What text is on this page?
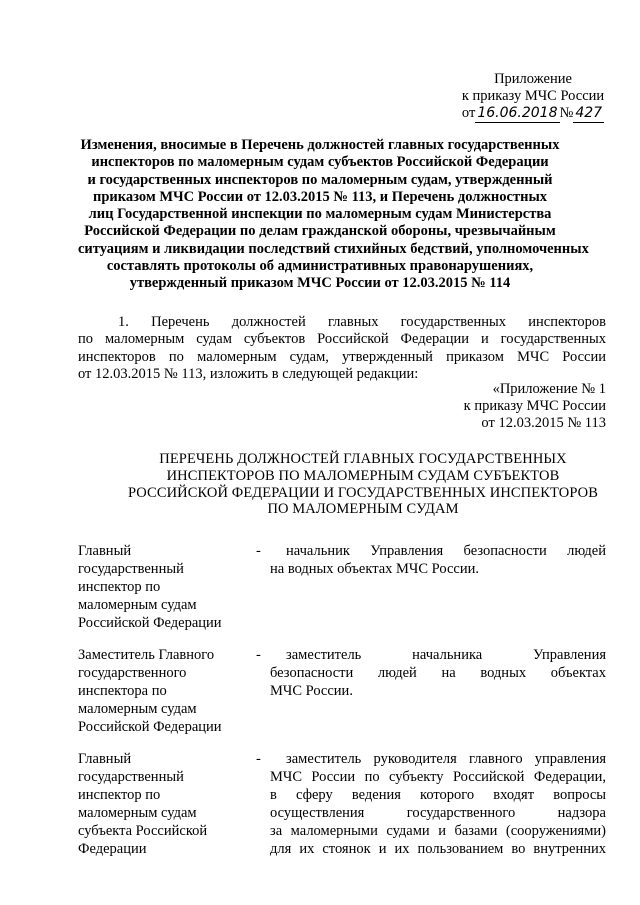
Приложение
к приказу МЧС России
от 16.06.2018 № 427
Изменения, вносимые в Перечень должностей главных государственных
инспекторов по маломерным судам субъектов Российской Федерации
и государственных инспекторов по маломерным судам, утвержденный
приказом МЧС России от 12.03.2015 № 113, и Перечень должностных
лиц Государственной инспекции по маломерным судам Министерства
Российской Федерации по делам гражданской обороны, чрезвычайным
ситуациям и ликвидации последствий стихийных бедствий, уполномоченных
составлять протоколы об административных правонарушениях,
утвержденный приказом МЧС России от 12.03.2015 № 114
1. Перечень должностей главных государственных инспекторов
по маломерным судам субъектов Российской Федерации и государственных
инспекторов по маломерным судам, утвержденный приказом МЧС России
от 12.03.2015 № 113, изложить в следующей редакции:
«Приложение № 1
к приказу МЧС России
от 12.03.2015 № 113
ПЕРЕЧЕНЬ ДОЛЖНОСТЕЙ ГЛАВНЫХ ГОСУДАРСТВЕННЫХ
ИНСПЕКТОРОВ ПО МАЛОМЕРНЫМ СУДАМ СУБЪЕКТОВ
РОССИЙСКОЙ ФЕДЕРАЦИИ И ГОСУДАРСТВЕННЫХ ИНСПЕКТОРОВ
ПО МАЛОМЕРНЫМ СУДАМ
Главный
государственный
инспектор по
маломерным судам
Российской Федерации
-	начальник Управления безопасности людей
на водных объектах МЧС России.
Заместитель Главного
государственного
инспектора по
маломерным судам
Российской Федерации
-	заместитель начальника Управления
безопасности людей на водных объектах
МЧС России.
Главный
государственный
инспектор по
маломерным судам
субъекта Российской
Федерации
-	заместитель руководителя главного управления
МЧС России по субъекту Российской Федерации,
в сферу ведения которого входят вопросы
осуществления государственного надзора
за маломерными судами и базами (сооружениями)
для их стоянок и их пользованием во внутренних
